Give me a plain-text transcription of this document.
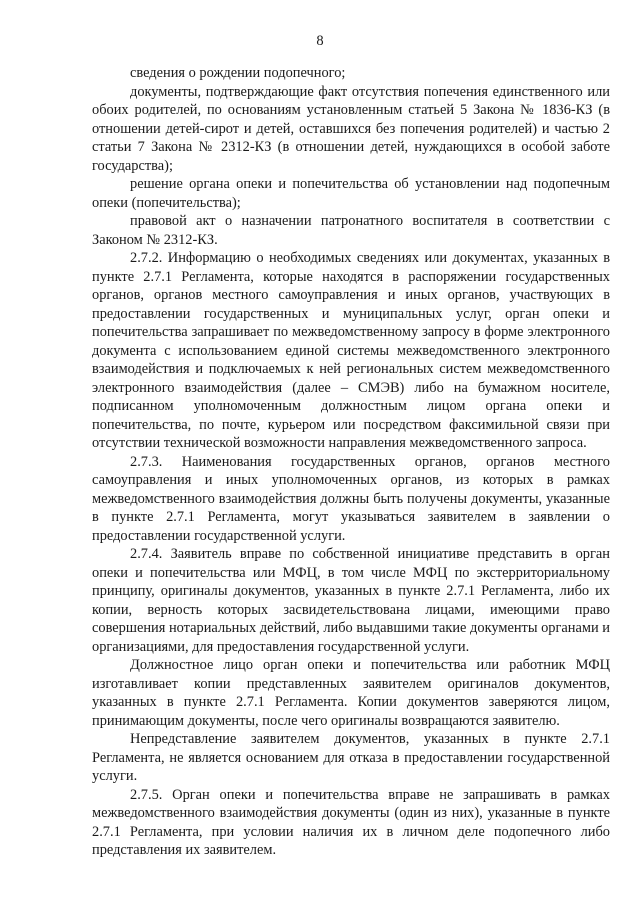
8

сведения о рождении подопечного;

документы, подтверждающие факт отсутствия попечения единственного или обоих родителей, по основаниям установленным статьей 5 Закона № 1836-КЗ (в отношении детей-сирот и детей, оставшихся без попечения родителей) и частью 2 статьи 7 Закона № 2312-КЗ (в отношении детей, нуждающихся в особой заботе государства);

решение органа опеки и попечительства об установлении над подопечным опеки (попечительства);

правовой акт о назначении патронатного воспитателя в соответствии с Законом № 2312-КЗ.

2.7.2. Информацию о необходимых сведениях или документах, указанных в пункте 2.7.1 Регламента, которые находятся в распоряжении государственных органов, органов местного самоуправления и иных органов, участвующих в предоставлении государственных и муниципальных услуг, орган опеки и попечительства запрашивает по межведомственному запросу в форме электронного документа с использованием единой системы межведомственного электронного взаимодействия и подключаемых к ней региональных систем межведомственного электронного взаимодействия (далее – СМЭВ) либо на бумажном носителе, подписанном уполномоченным должностным лицом органа опеки и попечительства, по почте, курьером или посредством факсимильной связи при отсутствии технической возможности направления межведомственного запроса.

2.7.3. Наименования государственных органов, органов местного самоуправления и иных уполномоченных органов, из которых в рамках межведомственного взаимодействия должны быть получены документы, указанные в пункте 2.7.1 Регламента, могут указываться заявителем в заявлении о предоставлении государственной услуги.

2.7.4. Заявитель вправе по собственной инициативе представить в орган опеки и попечительства или МФЦ, в том числе МФЦ по экстерриториальному принципу, оригиналы документов, указанных в пункте 2.7.1 Регламента, либо их копии, верность которых засвидетельствована лицами, имеющими право совершения нотариальных действий, либо выдавшими такие документы органами и организациями, для предоставления государственной услуги.

Должностное лицо орган опеки и попечительства или работник МФЦ изготавливает копии представленных заявителем оригиналов документов, указанных в пункте 2.7.1 Регламента. Копии документов заверяются лицом, принимающим документы, после чего оригиналы возвращаются заявителю.

Непредставление заявителем документов, указанных в пункте 2.7.1 Регламента, не является основанием для отказа в предоставлении государственной услуги.

2.7.5. Орган опеки и попечительства вправе не запрашивать в рамках межведомственного взаимодействия документы (один из них), указанные в пункте 2.7.1 Регламента, при условии наличия их в личном деле подопечного либо представления их заявителем.
